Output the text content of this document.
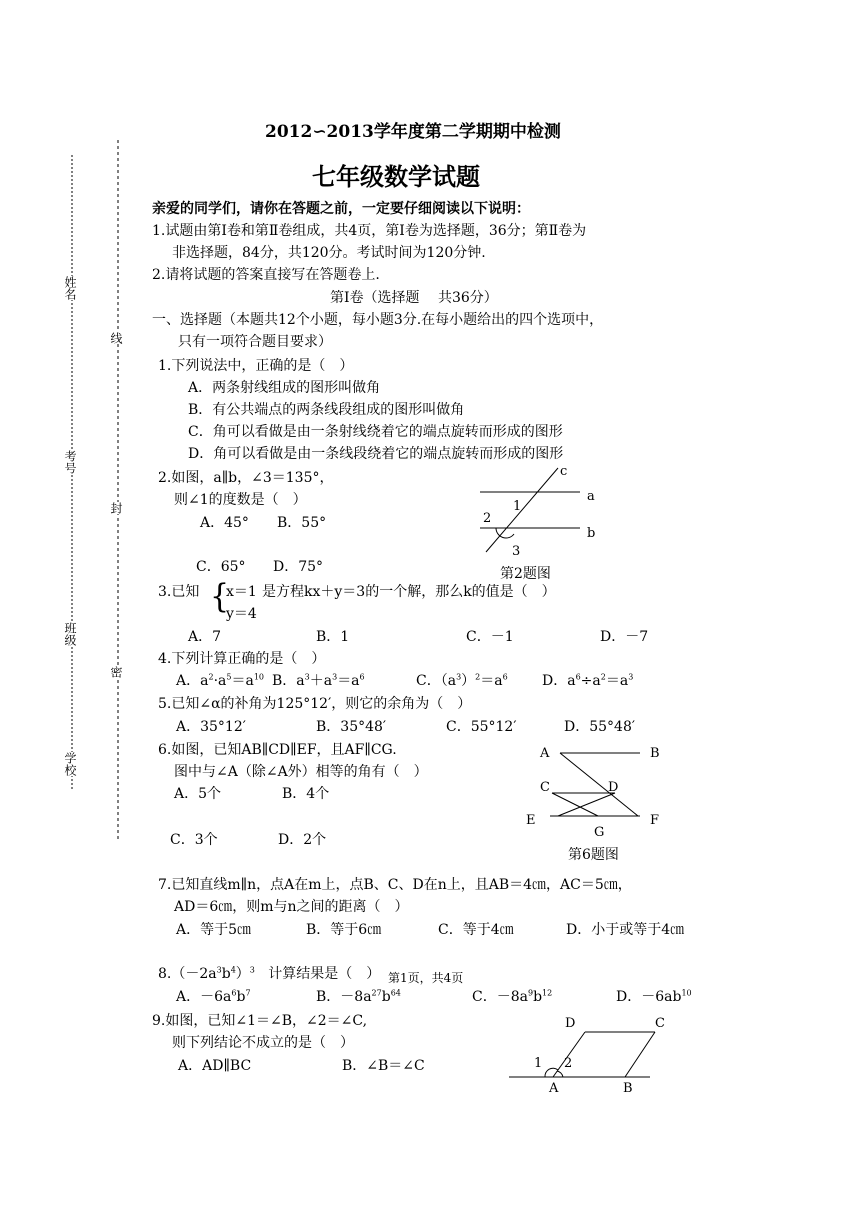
姓名
考号
班级
学校
线
封
密
2012∽2013学年度第二学期期中检测
七年级数学试题
亲爱的同学们，请你在答题之前，一定要仔细阅读以下说明：
1.试题由第Ⅰ卷和第Ⅱ卷组成，共4页，第Ⅰ卷为选择题，36分；第Ⅱ卷为
非选择题，84分，共120分。考试时间为120分钟.
2.请将试题的答案直接写在答题卷上.
第Ⅰ卷（选择题　 共36分）
一、选择题（本题共12个小题，每小题3分.在每小题给出的四个选项中，
只有一项符合题目要求）
1.下列说法中，正确的是（　）
A．两条射线组成的图形叫做角
B．有公共端点的两条线段组成的图形叫做角
C．角可以看做是由一条射线绕着它的端点旋转而形成的图形
D．角可以看做是由一条线段绕着它的端点旋转而形成的图形
2.如图，a∥b，∠3＝135°，
则∠1的度数是（　）
A．45° B．55°
C．65° D．75°
c
a
b
1
2
3
第2题图
3.已知 {
x＝1
y＝4
是方程kx＋y＝3的一个解，那么k的值是（　）
A．7	B．1	C．－1	D．－7
4.下列计算正确的是（　）
A．$a^2\cdot a^5=a^{10}$ B．$a^3+a^3=a^6$	C．$(a^3)^2=a^6$ D．$a^6\div a^2=a^3$
5.已知∠α的补角为125°12′，则它的余角为（　）
A．35°12′	B．35°48′	C．55°12′	D．55°48′
6.如图，已知AB∥CD∥EF，且AF∥CG.
图中与∠A（除∠A外）相等的角有（　）
A．5个	B．4个
C．3个	D．2个
A	B
C	D
E	F
G
第6题图
7.已知直线m∥n，点A在m上，点B、C、D在n上，且AB＝4㎝，AC＝5㎝，
AD＝6㎝，则m与n之间的距离（　）
A．等于5㎝	B．等于6㎝	C．等于4㎝	D．小于或等于4㎝
$8.(-2a^3b^4)^3$ 计算结果是（　）
A．$-6a^6b^7$	B．$-8a^{27}b^{64}$	C．$-8a^9b^{12}$	D．$-6ab^{10}$
第1页，共4页
9.如图，已知∠1＝∠B，∠2＝∠C,
则下列结论不成立的是（　）
A．AD∥BC	B．∠B＝∠C
D	C
A	B
1 2
